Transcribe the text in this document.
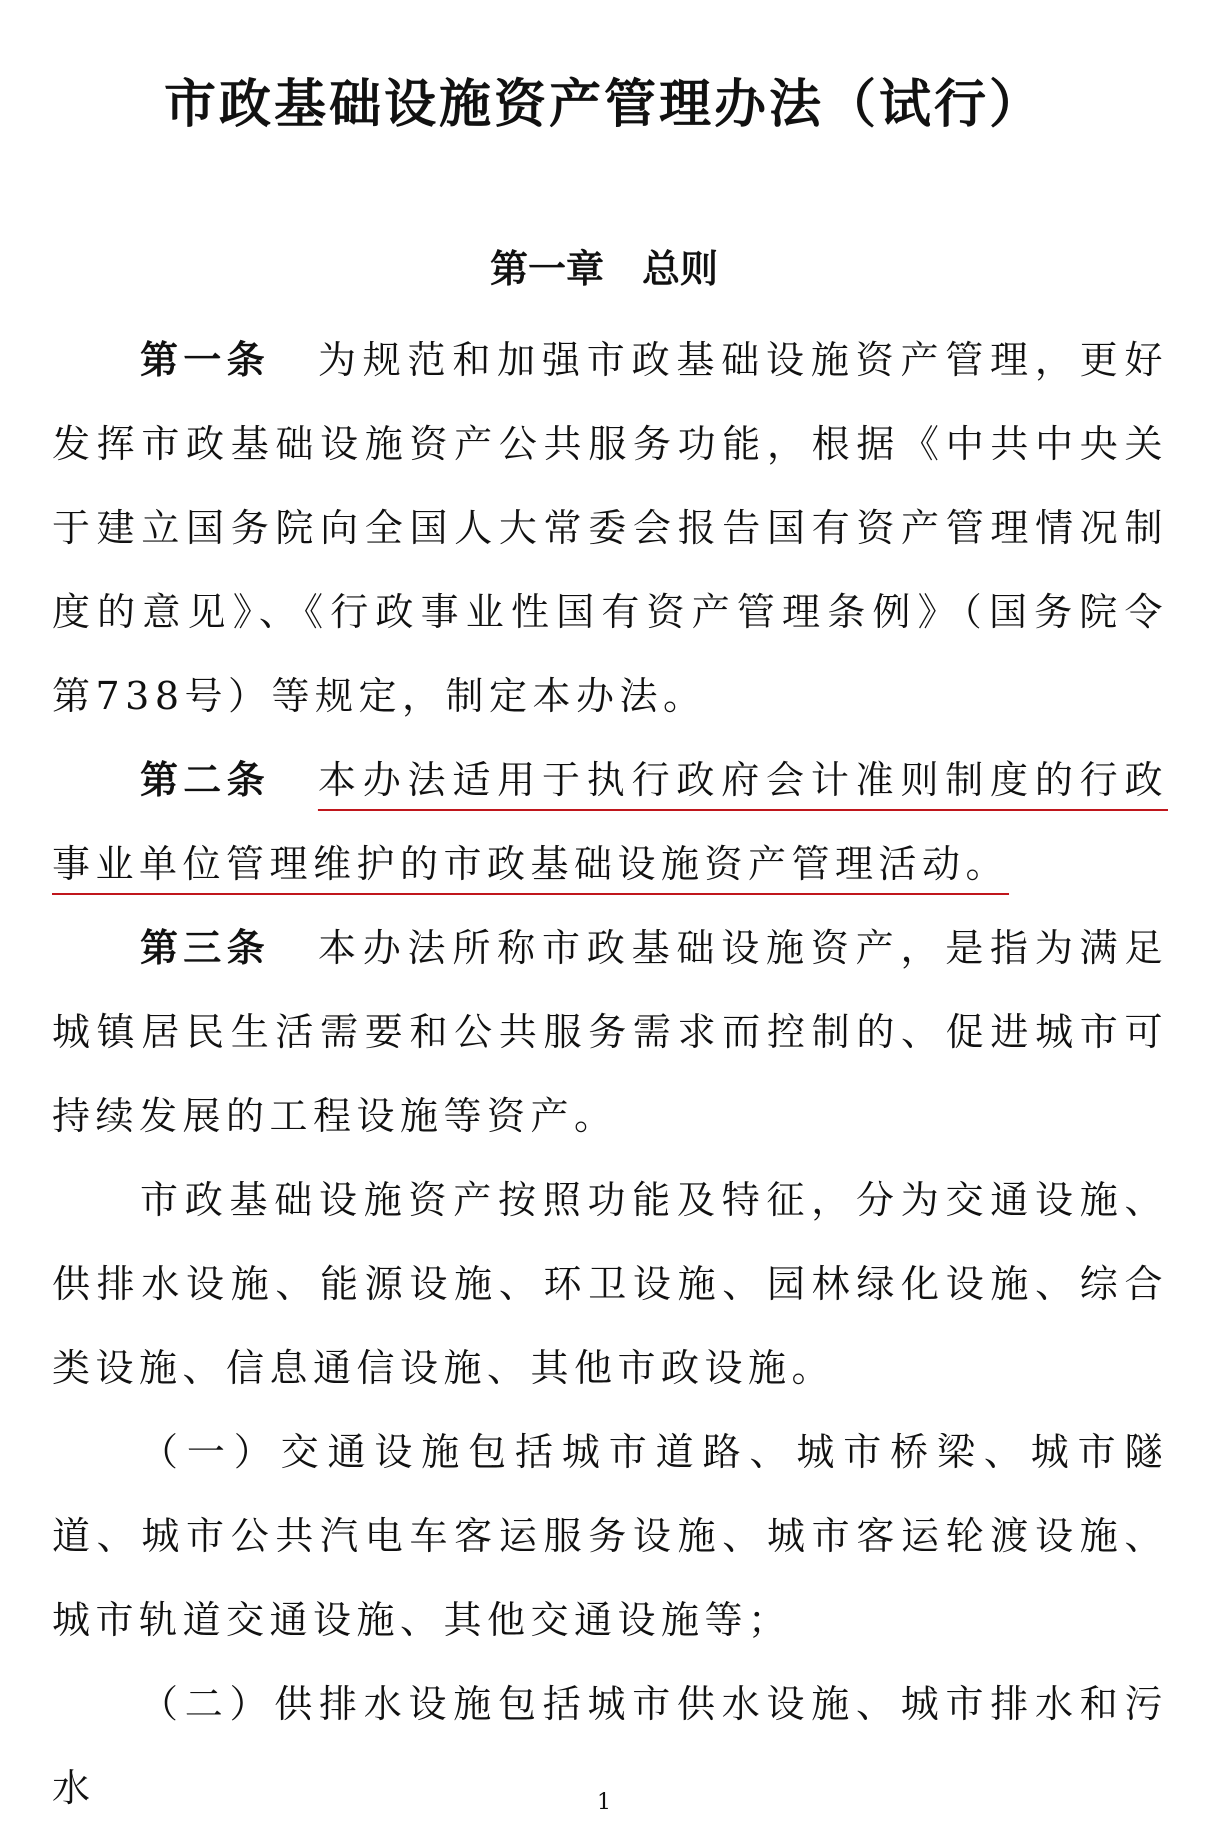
市政基础设施资产管理办法（试行）
第一章　总则

第一条 为规范和加强市政基础设施资产管理，更好发挥市政基础设施资产公共服务功能，根据《中共中央关于建立国务院向全国人大常委会报告国有资产管理情况制度的意见》、《行政事业性国有资产管理条例》（国务院令第738号）等规定，制定本办法。

第二条 本办法适用于执行政府会计准则制度的行政事业单位管理维护的市政基础设施资产管理活动。

第三条 本办法所称市政基础设施资产，是指为满足城镇居民生活需要和公共服务需求而控制的、促进城市可持续发展的工程设施等资产。

市政基础设施资产按照功能及特征，分为交通设施、供排水设施、能源设施、环卫设施、园林绿化设施、综合类设施、信息通信设施、其他市政设施。

（一）交通设施包括城市道路、城市桥梁、城市隧道、城市公共汽电车客运服务设施、城市客运轮渡设施、城市轨道交通设施、其他交通设施等；

（二）供排水设施包括城市供水设施、城市排水和污水	1
